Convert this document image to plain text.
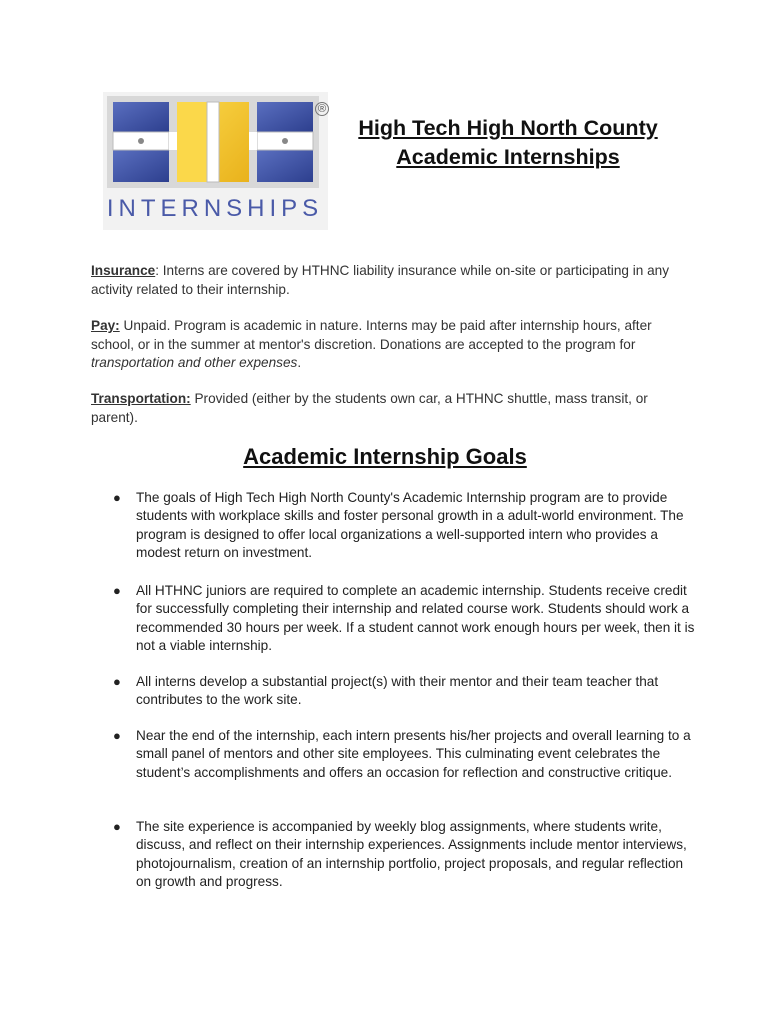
INTERNSHIPS
®
High Tech High North County
Academic Internships
Insurance: Interns are covered by HTHNC liability insurance while on-site or participating in any activity related to their internship.
Pay: Unpaid. Program is academic in nature. Interns may be paid after internship hours, after school, or in the summer at mentor's discretion. Donations are accepted to the program for transportation and other expenses.
Transportation: Provided (either by the students own car, a HTHNC shuttle, mass transit, or parent).
Academic Internship Goals
● The goals of High Tech High North County's Academic Internship program are to provide students with workplace skills and foster personal growth in a adult-world environment. The program is designed to offer local organizations a well-supported intern who provides a modest return on investment.
● All HTHNC juniors are required to complete an academic internship. Students receive credit for successfully completing their internship and related course work. Students should work a recommended 30 hours per week. If a student cannot work enough hours per week, then it is not a viable internship.
● All interns develop a substantial project(s) with their mentor and their team teacher that contributes to the work site.
● Near the end of the internship, each intern presents his/her projects and overall learning to a small panel of mentors and other site employees. This culminating event celebrates the student’s accomplishments and offers an occasion for reflection and constructive critique.
● The site experience is accompanied by weekly blog assignments, where students write, discuss, and reflect on their internship experiences. Assignments include mentor interviews, photojournalism, creation of an internship portfolio, project proposals, and regular reflection on growth and progress.
